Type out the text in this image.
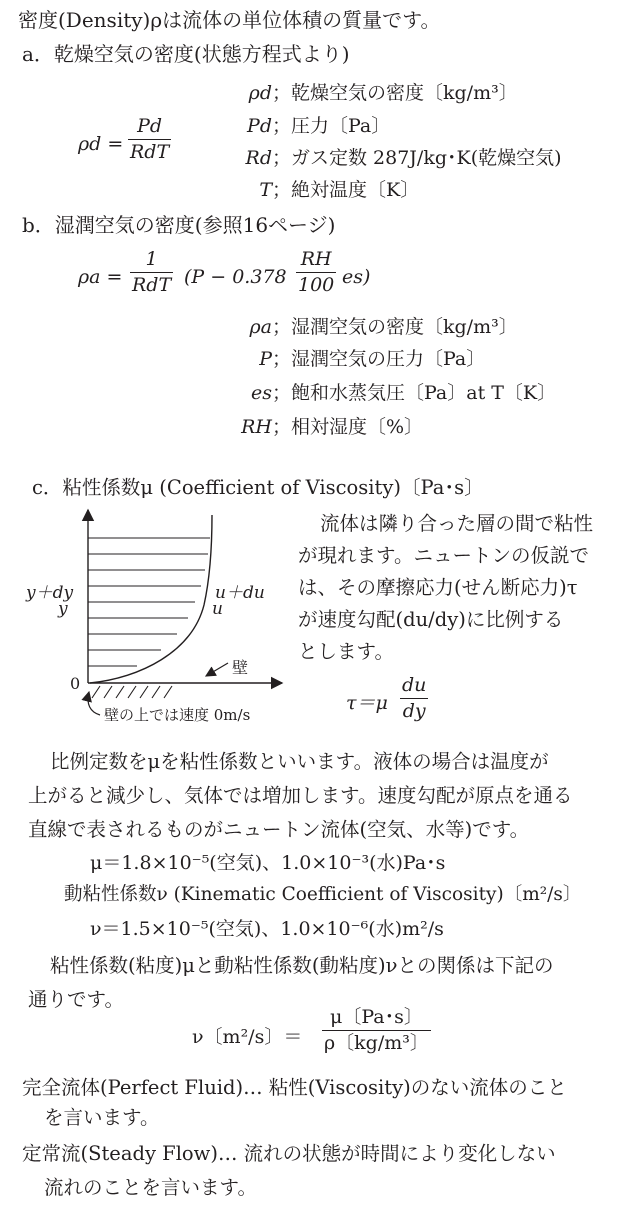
密度(Density)ρは流体の単位体積の質量です。
a．乾燥空気の密度(状態方程式より)
ρd =
Pd
RdT
ρd ；乾燥空気の密度〔kg/m³〕
Pd ；圧力〔Pa〕
Rd ；ガス定数 287J/kg･K(乾燥空気)
T ；絶対温度〔K〕
b．湿潤空気の密度(参照16ページ)
ρa =
1
RdT (P − 0.378
RH
100 es)
ρa ；湿潤空気の密度〔kg/m³〕
P ；湿潤空気の圧力〔Pa〕
es ；飽和水蒸気圧〔Pa〕at T〔K〕
RH ；相対湿度〔%〕
c．粘性係数μ (Coefficient of Viscosity)〔Pa･s〕
y＋dy
y
u＋du
u
壁
0
壁の上では速度 0m/s
流体は隣り合った層の間で粘性
が現れます。ニュートンの仮説で
は、その摩擦応力(せん断応力)τ
が速度勾配(du/dy)に比例する
とします。
τ＝μ
du
dy
比例定数をμを粘性係数といいます。液体の場合は温度が
上がると減少し、気体では増加します。速度勾配が原点を通る
直線で表されるものがニュートン流体(空気、水等)です。
μ＝1.8×10⁻⁵(空気)、1.0×10⁻³(水)Pa･s
動粘性係数ν (Kinematic Coefficient of Viscosity)〔m²/s〕
ν＝1.5×10⁻⁵(空気)、1.0×10⁻⁶(水)m²/s
粘性係数(粘度)μと動粘性係数(動粘度)νとの関係は下記の
通りです。
ν〔m²/s〕＝
μ〔Pa･s〕
ρ〔kg/m³〕
完全流体(Perfect Fluid)… 粘性(Viscosity)のない流体のこと
を言います。
定常流(Steady Flow)… 流れの状態が時間により変化しない
流れのことを言います。
